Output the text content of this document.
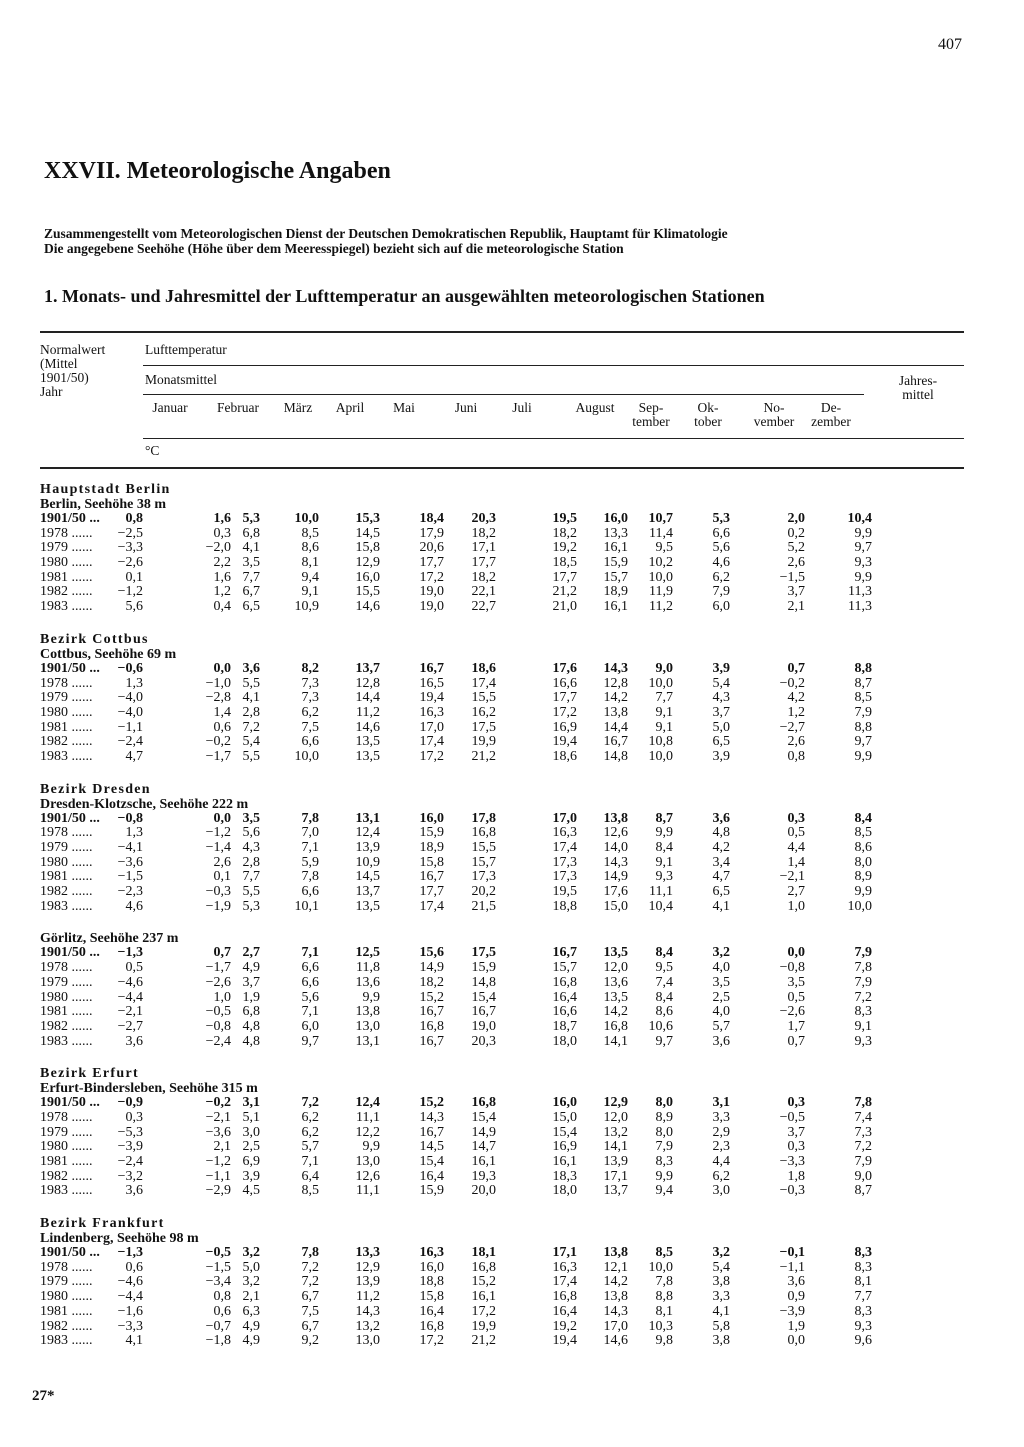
407
XXVII. Meteorologische Angaben
Zusammengestellt vom Meteorologischen Dienst der Deutschen Demokratischen Republik, Hauptamt für Klimatologie
Die angegebene Seehöhe (Höhe über dem Meeresspiegel) bezieht sich auf die meteorologische Station
1. Monats- und Jahresmittel der Lufttemperatur an ausgewählten meteorologischen Stationen
Normalwert
(Mittel
1901/50)
Jahr
Lufttemperatur
Monatsmittel	Jahres-
mittel
Januar	Februar	März	April	Mai	Juni	Juli	August	Sep-
tember
Ok-
tober
No-
vember
De-
zember
°C
Hauptstadt Berlin
Berlin, Seehöhe 38 m
1901/50 ... 0,8	1,6 5,3 10,0	15,3	18,4 20,3	19,5 16,0 10,7	5,3	2,0	10,4
1978 ...... −2,5	0,3 6,8	8,5	14,5	17,9 18,2	18,2 13,3 11,4	6,6	0,2	9,9
1979 ...... −3,3	−2,0 4,1	8,6	15,8	20,6 17,1	19,2 16,1 9,5	5,6	5,2	9,7
1980 ...... −2,6	2,2 3,5	8,1	12,9	17,7 17,7	18,5 15,9 10,2	4,6	2,6	9,3
1981 ...... 0,1	1,6 7,7	9,4	16,0	17,2 18,2	17,7 15,7 10,0	6,2	−1,5	9,9
1982 ...... −1,2	1,2 6,7	9,1	15,5	19,0 22,1	21,2 18,9 11,9	7,9	3,7	11,3
1983 ...... 5,6	0,4 6,5 10,9	14,6	19,0 22,7	21,0 16,1 11,2	6,0	2,1	11,3
Bezirk Cottbus
Cottbus, Seehöhe 69 m
1901/50 ... −0,6	0,0 3,6	8,2	13,7	16,7 18,6	17,6 14,3 9,0	3,9	0,7	8,8
1978 ...... 1,3	−1,0 5,5	7,3	12,8	16,5 17,4	16,6 12,8 10,0	5,4	−0,2	8,7
1979 ...... −4,0	−2,8 4,1	7,3	14,4	19,4 15,5	17,7 14,2 7,7	4,3	4,2	8,5
1980 ...... −4,0	1,4 2,8	6,2	11,2	16,3 16,2	17,2 13,8 9,1	3,7	1,2	7,9
1981 ...... −1,1	0,6 7,2	7,5	14,6	17,0 17,5	16,9 14,4 9,1	5,0	−2,7	8,8
1982 ...... −2,4	−0,2 5,4	6,6	13,5	17,4 19,9	19,4 16,7 10,8	6,5	2,6	9,7
1983 ...... 4,7	−1,7 5,5 10,0	13,5	17,2 21,2	18,6 14,8 10,0	3,9	0,8	9,9
Bezirk Dresden
Dresden-Klotzsche, Seehöhe 222 m
1901/50 ... −0,8	0,0 3,5	7,8	13,1	16,0 17,8	17,0 13,8 8,7	3,6	0,3	8,4
1978 ...... 1,3	−1,2 5,6	7,0	12,4	15,9 16,8	16,3 12,6 9,9	4,8	0,5	8,5
1979 ...... −4,1	−1,4 4,3	7,1	13,9	18,9 15,5	17,4 14,0 8,4	4,2	4,4	8,6
1980 ...... −3,6	2,6 2,8	5,9	10,9	15,8 15,7	17,3 14,3 9,1	3,4	1,4	8,0
1981 ...... −1,5	0,1 7,7	7,8	14,5	16,7 17,3	17,3 14,9 9,3	4,7	−2,1	8,9
1982 ...... −2,3	−0,3 5,5	6,6	13,7	17,7 20,2	19,5 17,6 11,1	6,5	2,7	9,9
1983 ...... 4,6	−1,9 5,3 10,1	13,5	17,4 21,5	18,8 15,0 10,4	4,1	1,0	10,0
Görlitz, Seehöhe 237 m
1901/50 ... −1,3	0,7 2,7	7,1	12,5	15,6 17,5	16,7 13,5 8,4	3,2	0,0	7,9
1978 ...... 0,5	−1,7 4,9	6,6	11,8	14,9 15,9	15,7 12,0 9,5	4,0	−0,8	7,8
1979 ...... −4,6	−2,6 3,7	6,6	13,6	18,2 14,8	16,8 13,6 7,4	3,5	3,5	7,9
1980 ...... −4,4	1,0 1,9	5,6	9,9	15,2 15,4	16,4 13,5 8,4	2,5	0,5	7,2
1981 ...... −2,1	−0,5 6,8	7,1	13,8	16,7 16,7	16,6 14,2 8,6	4,0	−2,6	8,3
1982 ...... −2,7	−0,8 4,8	6,0	13,0	16,8 19,0	18,7 16,8 10,6	5,7	1,7	9,1
1983 ...... 3,6	−2,4 4,8	9,7	13,1	16,7 20,3	18,0 14,1 9,7	3,6	0,7	9,3
Bezirk Erfurt
Erfurt-Bindersleben, Seehöhe 315 m
1901/50 ... −0,9	−0,2 3,1	7,2	12,4	15,2 16,8	16,0 12,9 8,0	3,1	0,3	7,8
1978 ...... 0,3	−2,1 5,1	6,2	11,1	14,3 15,4	15,0 12,0 8,9	3,3	−0,5	7,4
1979 ...... −5,3	−3,6 3,0	6,2	12,2	16,7 14,9	15,4 13,2 8,0	2,9	3,7	7,3
1980 ...... −3,9	2,1 2,5	5,7	9,9	14,5 14,7	16,9 14,1 7,9	2,3	0,3	7,2
1981 ...... −2,4	−1,2 6,9	7,1	13,0	15,4 16,1	16,1 13,9 8,3	4,4	−3,3	7,9
1982 ...... −3,2	−1,1 3,9	6,4	12,6	16,4 19,3	18,3 17,1 9,9	6,2	1,8	9,0
1983 ...... 3,6	−2,9 4,5	8,5	11,1	15,9 20,0	18,0 13,7 9,4	3,0	−0,3	8,7
Bezirk Frankfurt
Lindenberg, Seehöhe 98 m
1901/50 ... −1,3	−0,5 3,2	7,8	13,3	16,3 18,1	17,1 13,8 8,5	3,2	−0,1	8,3
1978 ...... 0,6	−1,5 5,0	7,2	12,9	16,0 16,8	16,3 12,1 10,0	5,4	−1,1	8,3
1979 ...... −4,6	−3,4 3,2	7,2	13,9	18,8 15,2	17,4 14,2 7,8	3,8	3,6	8,1
1980 ...... −4,4	0,8 2,1	6,7	11,2	15,8 16,1	16,8 13,8 8,8	3,3	0,9	7,7
1981 ...... −1,6	0,6 6,3	7,5	14,3	16,4 17,2	16,4 14,3 8,1	4,1	−3,9	8,3
1982 ...... −3,3	−0,7 4,9	6,7	13,2	16,8 19,9	19,2 17,0 10,3	5,8	1,9	9,3
1983 ...... 4,1	−1,8 4,9	9,2	13,0	17,2 21,2	19,4 14,6 9,8	3,8	0,0	9,6
27*
